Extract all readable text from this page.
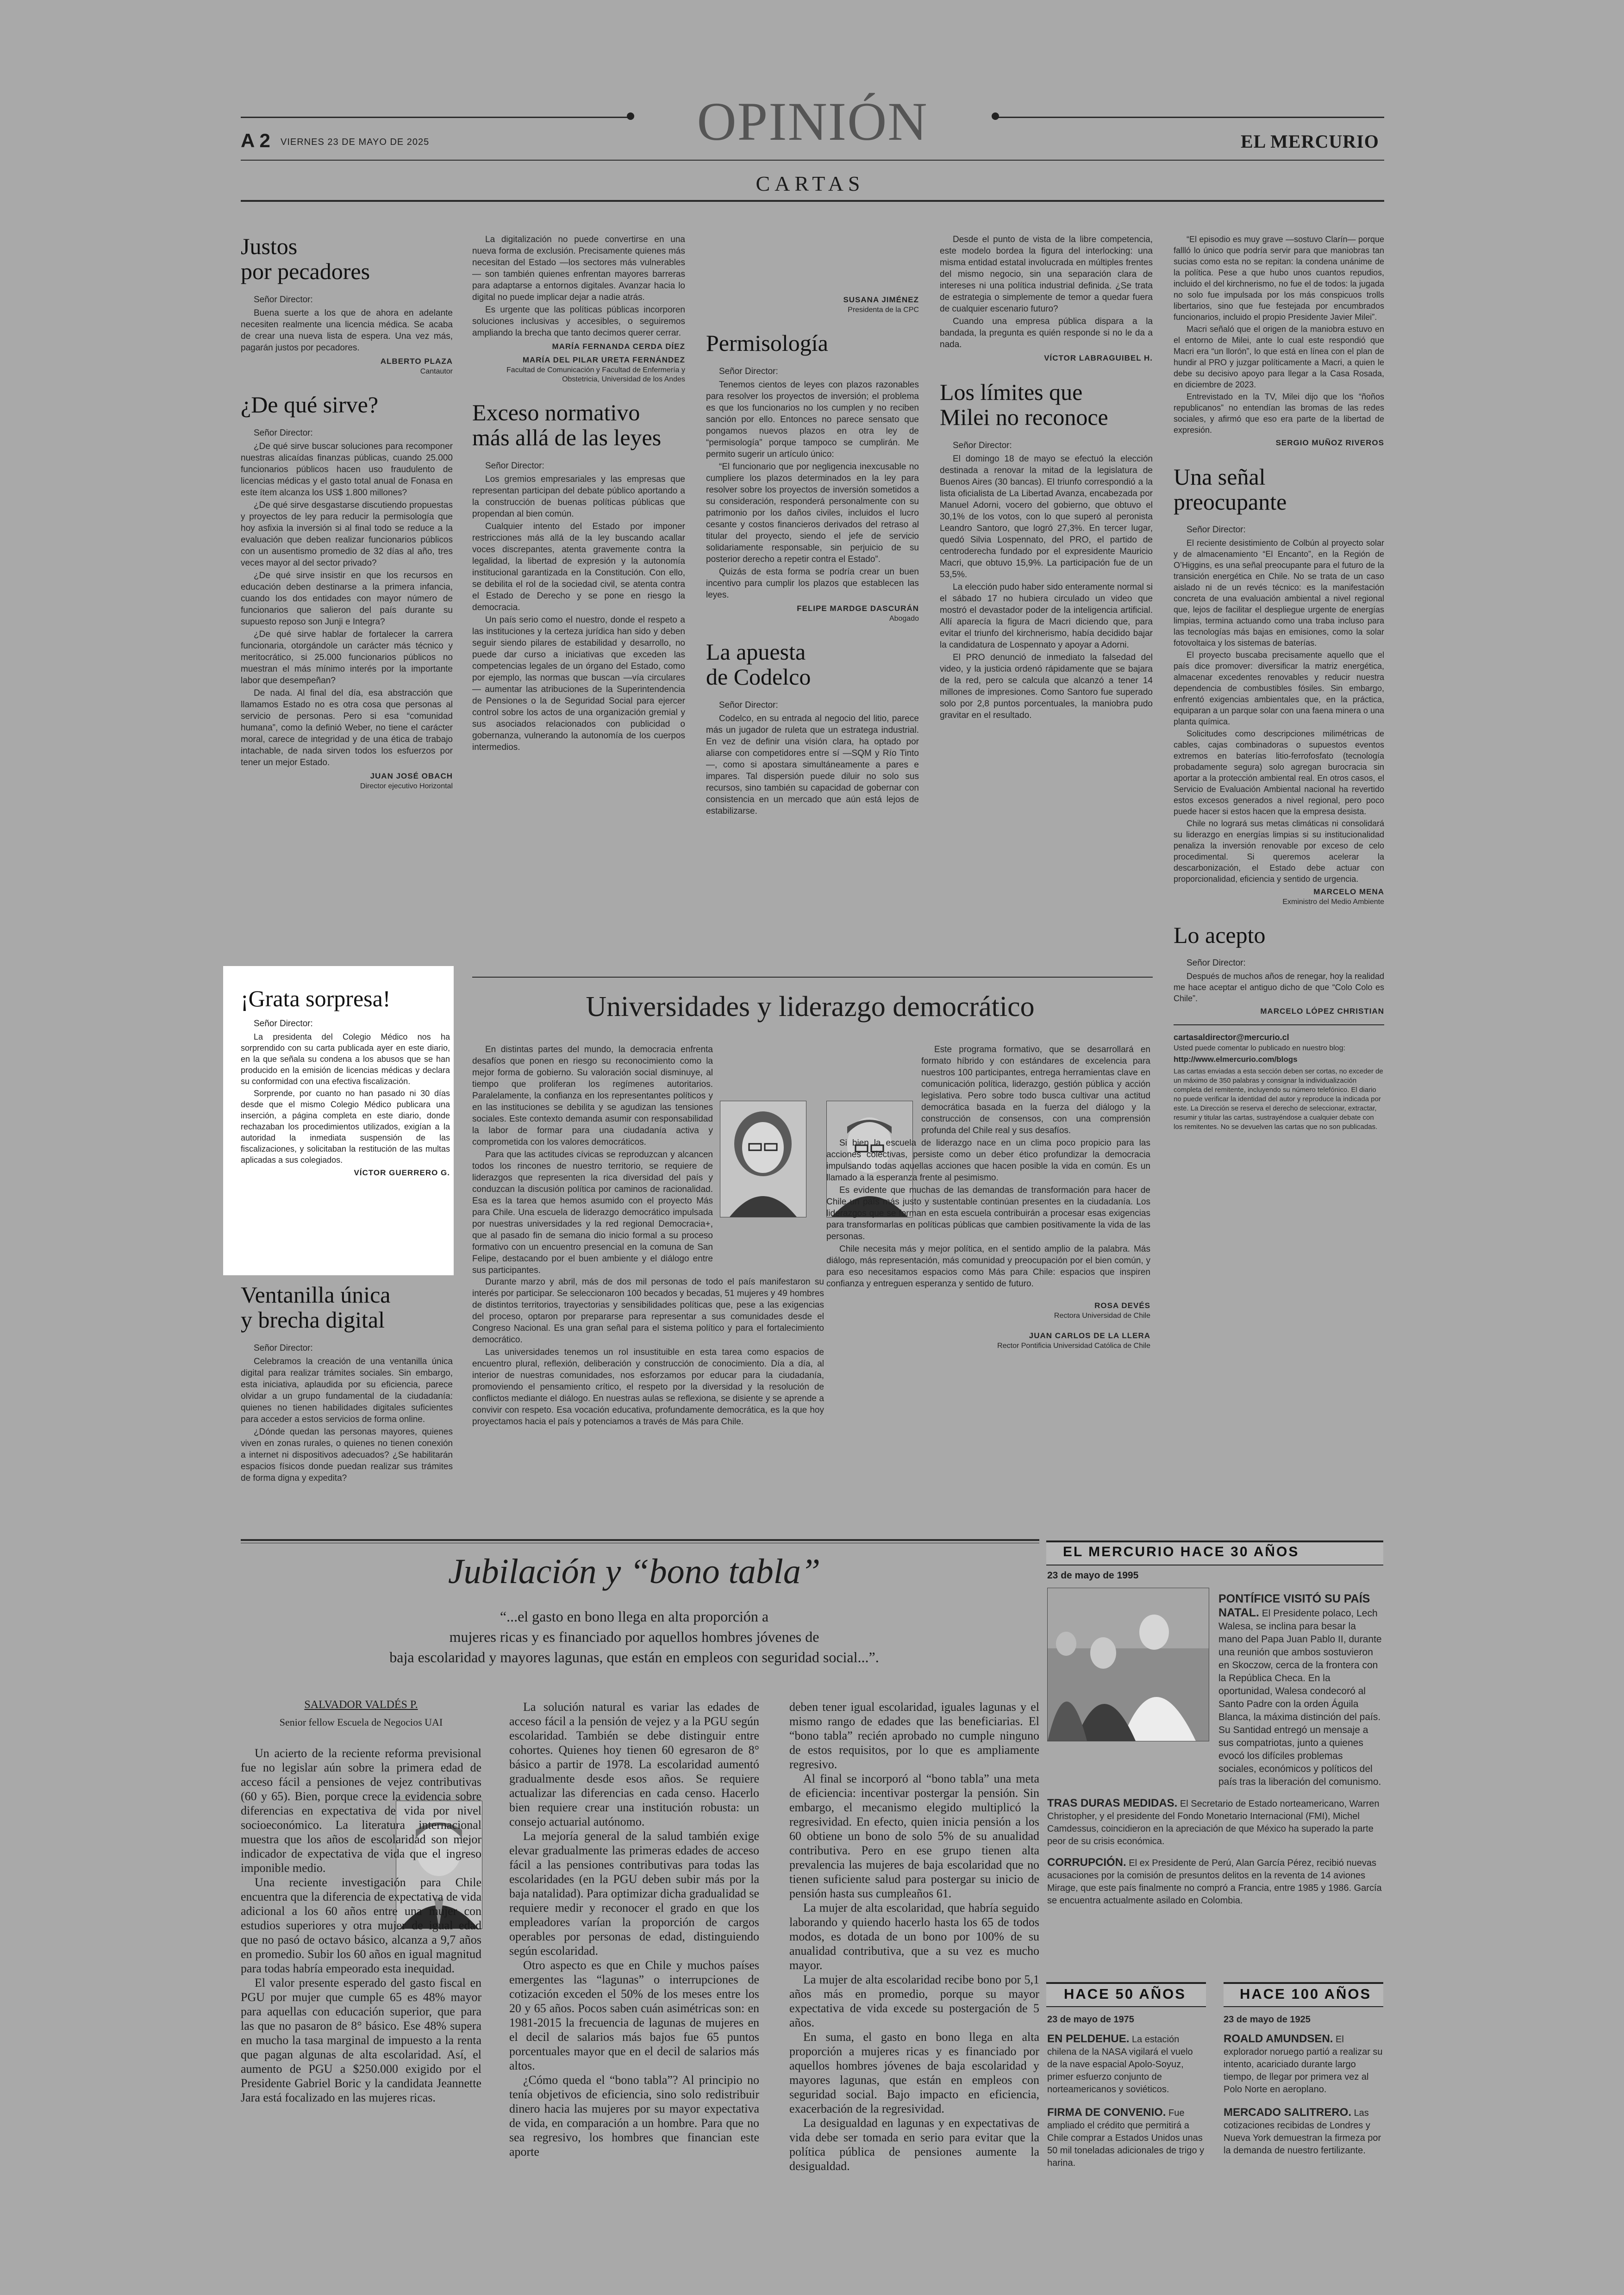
A 2 VIERNES 23 DE MAYO DE 2025	OPINIÓN	EL MERCURIO
CARTAS
Justos
por pecadores
Señor Director:

Buena suerte a los que de ahora en adelante necesiten realmente una licencia médica. Se acaba de crear una nueva lista de espera. Una vez más, pagarán justos por pecadores.

ALBERTO PLAZA
Cantautor
¿De qué sirve?
Señor Director:

¿De qué sirve buscar soluciones para recomponer nuestras alicaídas finanzas públicas, cuando 25.000 funcionarios públicos hacen uso fraudulento de licencias médicas y el gasto total anual de Fonasa en este ítem alcanza los US$ 1.800 millones?

¿De qué sirve desgastarse discutiendo propuestas y proyectos de ley para reducir la permisología que hoy asfixia la inversión si al final todo se reduce a la evaluación que deben realizar funcionarios públicos con un ausentismo promedio de 32 días al año, tres veces mayor al del sector privado?

¿De qué sirve insistir en que los recursos en educación deben destinarse a la primera infancia, cuando los dos entidades con mayor número de funcionarios que salieron del país durante su supuesto reposo son Junji e Integra?

¿De qué sirve hablar de fortalecer la carrera funcionaria, otorgándole un carácter más técnico y meritocrático, si 25.000 funcionarios públicos no muestran el más mínimo interés por la importante labor que desempeñan?

De nada. Al final del día, esa abstracción que llamamos Estado no es otra cosa que personas al servicio de personas. Pero si esa “comunidad humana”, como la definió Weber, no tiene el carácter moral, carece de integridad y de una ética de trabajo intachable, de nada sirven todos los esfuerzos por tener un mejor Estado.

JUAN JOSÉ OBACH
Director ejecutivo Horizontal
¡Grata sorpresa!
Señor Director:

La presidenta del Colegio Médico nos ha sorprendido con su carta publicada ayer en este diario, en la que señala su condena a los abusos que se han producido en la emisión de licencias médicas y declara su conformidad con una efectiva fiscalización.

Sorprende, por cuanto no han pasado ni 30 días desde que el mismo Colegio Médico publicara una inserción, a página completa en este diario, donde rechazaban los procedimientos utilizados, exigían a la autoridad la inmediata suspensión de las fiscalizaciones, y solicitaban la restitución de las multas aplicadas a sus colegiados.

VÍCTOR GUERRERO G.
Ventanilla única
y brecha digital
Señor Director:

Celebramos la creación de una ventanilla única digital para realizar trámites sociales. Sin embargo, esta iniciativa, aplaudida por su eficiencia, parece olvidar a un grupo fundamental de la ciudadanía: quienes no tienen habilidades digitales suficientes para acceder a estos servicios de forma online.

¿Dónde quedan las personas mayores, quienes viven en zonas rurales, o quienes no tienen conexión a internet ni dispositivos adecuados? ¿Se habilitarán espacios físicos donde puedan realizar sus trámites de forma digna y expedita?

La digitalización no puede convertirse en una nueva forma de exclusión. Precisamente quienes más necesitan del Estado —los sectores más vulnerables— son también quienes enfrentan mayores barreras para adaptarse a entornos digitales. Avanzar hacia lo digital no puede implicar dejar a nadie atrás.

Es urgente que las políticas públicas incorporen soluciones inclusivas y accesibles, o seguiremos ampliando la brecha que tanto decimos querer cerrar.

MARÍA FERNANDA CERDA DÍEZ
MARÍA DEL PILAR URETA FERNÁNDEZ
Facultad de Comunicación y Facultad de Enfermería y Obstetricia, Universidad de los Andes
Exceso normativo
más allá de las leyes
Señor Director:

Los gremios empresariales y las empresas que representan participan del debate público aportando a la construcción de buenas políticas públicas que propendan al bien común.

Cualquier intento del Estado por imponer restricciones más allá de la ley buscando acallar voces discrepantes, atenta gravemente contra la legalidad, la libertad de expresión y la autonomía institucional garantizada en la Constitución. Con ello, se debilita el rol de la sociedad civil, se atenta contra el Estado de Derecho y se pone en riesgo la democracia.

Un país serio como el nuestro, donde el respeto a las instituciones y la certeza jurídica han sido y deben seguir siendo pilares de estabilidad y desarrollo, no puede dar curso a iniciativas que exceden las competencias legales de un órgano del Estado, como por ejemplo, las normas que buscan —vía circulares— aumentar las atribuciones de la Superintendencia de Pensiones o la de Seguridad Social para ejercer control sobre los actos de una organización gremial y sus asociados relacionados con publicidad o gobernanza, vulnerando la autonomía de los cuerpos intermedios.

SUSANA JIMÉNEZ
Presidenta de la CPC
Permisología
Señor Director:

Tenemos cientos de leyes con plazos razonables para resolver los proyectos de inversión; el problema es que los funcionarios no los cumplen y no reciben sanción por ello. Entonces no parece sensato que pongamos nuevos plazos en otra ley de “permisología” porque tampoco se cumplirán. Me permito sugerir un artículo único:

“El funcionario que por negligencia inexcusable no cumpliere los plazos determinados en la ley para resolver sobre los proyectos de inversión sometidos a su consideración, responderá personalmente con su patrimonio por los daños civiles, incluidos el lucro cesante y costos financieros derivados del retraso al titular del proyecto, siendo el jefe de servicio solidariamente responsable, sin perjuicio de su posterior derecho a repetir contra el Estado”.

Quizás de esta forma se podría crear un buen incentivo para cumplir los plazos que establecen las leyes.

FELIPE MARDGE DASCURÁN
Abogado
La apuesta
de Codelco
Señor Director:

Codelco, en su entrada al negocio del litio, parece más un jugador de ruleta que un estratega industrial. En vez de definir una visión clara, ha optado por aliarse con competidores entre sí —SQM y Río Tinto—, como si apostara simultáneamente a pares e impares. Tal dispersión puede diluir no solo sus recursos, sino también su capacidad de gobernar con consistencia en un mercado que aún está lejos de estabilizarse.

Desde el punto de vista de la libre competencia, este modelo bordea la figura del interlocking: una misma entidad estatal involucrada en múltiples frentes del mismo negocio, sin una separación clara de intereses ni una política industrial definida. ¿Se trata de estrategia o simplemente de temor a quedar fuera de cualquier escenario futuro?

Cuando una empresa pública dispara a la bandada, la pregunta es quién responde si no le da a nada.

VÍCTOR LABRAGUIBEL H.
Los límites que
Milei no reconoce
Señor Director:

El domingo 18 de mayo se efectuó la elección destinada a renovar la mitad de la legislatura de Buenos Aires (30 bancas). El triunfo correspondió a la lista oficialista de La Libertad Avanza, encabezada por Manuel Adorni, vocero del gobierno, que obtuvo el 30,1% de los votos, con lo que superó al peronista Leandro Santoro, que logró 27,3%. En tercer lugar, quedó Silvia Lospennato, del PRO, el partido de centroderecha fundado por el expresidente Mauricio Macri, que obtuvo 15,9%. La participación fue de un 53,5%.

La elección pudo haber sido enteramente normal si el sábado 17 no hubiera circulado un video que mostró el devastador poder de la inteligencia artificial. Allí aparecía la figura de Macri diciendo que, para evitar el triunfo del kirchnerismo, había decidido bajar la candidatura de Lospennato y apoyar a Adorni.

El PRO denunció de inmediato la falsedad del video, y la justicia ordenó rápidamente que se bajara de la red, pero se calcula que alcanzó a tener 14 millones de impresiones. Como Santoro fue superado solo por 2,8 puntos porcentuales, la maniobra pudo gravitar en el resultado.

“El episodio es muy grave —sostuvo Clarín— porque fallló lo único que podría servir para que maniobras tan sucias como esta no se repitan: la condena unánime de la política. Pese a que hubo unos cuantos repudios, incluido el del kirchnerismo, no fue el de todos: la jugada no solo fue impulsada por los más conspicuos trolls libertarios, sino que fue festejada por encumbrados funcionarios, incluido el propio Presidente Javier Milei”.

Macri señaló que el origen de la maniobra estuvo en el entorno de Milei, ante lo cual este respondió que Macri era “un llorón”, lo que está en línea con el plan de hundir al PRO y juzgar políticamente a Macri, a quien le debe su decisivo apoyo para llegar a la Casa Rosada, en diciembre de 2023.

Entrevistado en la TV, Milei dijo que los “ñoños republicanos” no entendían las bromas de las redes sociales, y afirmó que eso era parte de la libertad de expresión.

SERGIO MUÑOZ RIVEROS
Una señal
preocupante
Señor Director:

El reciente desistimiento de Colbún al proyecto solar y de almacenamiento “El Encanto”, en la Región de O’Higgins, es una señal preocupante para el futuro de la transición energética en Chile. No se trata de un caso aislado ni de un revés técnico: es la manifestación concreta de una evaluación ambiental a nivel regional que, lejos de facilitar el despliegue urgente de energías limpias, termina actuando como una traba incluso para las tecnologías más bajas en emisiones, como la solar fotovoltaica y los sistemas de baterías.

El proyecto buscaba precisamente aquello que el país dice promover: diversificar la matriz energética, almacenar excedentes renovables y reducir nuestra dependencia de combustibles fósiles. Sin embargo, enfrentó exigencias ambientales que, en la práctica, equiparan a un parque solar con una faena minera o una planta química.

Solicitudes como descripciones milimétricas de cables, cajas combinadoras o supuestos eventos extremos en baterías litio-ferrofosfato (tecnología probadamente segura) solo agregan burocracia sin aportar a la protección ambiental real. En otros casos, el Servicio de Evaluación Ambiental nacional ha revertido estos excesos generados a nivel regional, pero poco puede hacer si estos hacen que la empresa desista.

Chile no logrará sus metas climáticas ni consolidará su liderazgo en energías limpias si su institucionalidad penaliza la inversión renovable por exceso de celo procedimental. Si queremos acelerar la descarbonización, el Estado debe actuar con proporcionalidad, eficiencia y sentido de urgencia.

MARCELO MENA
Exministro del Medio Ambiente
Lo acepto
Señor Director:

Después de muchos años de renegar, hoy la realidad me hace aceptar el antiguo dicho de que “Colo Colo es Chile”.

MARCELO LÓPEZ CHRISTIAN
cartasaldirector@mercurio.cl
Usted puede comentar lo publicado en nuestro blog:
http://www.elmercurio.com/blogs
Las cartas enviadas a esta sección deben ser cortas, no exceder de un máximo de 350 palabras y consignar la individualización completa del remitente, incluyendo su número telefónico. El diario no puede verificar la identidad del autor y reproduce la indicada por este. La Dirección se reserva el derecho de seleccionar, extractar, resumir y titular las cartas, sustrayéndose a cualquier debate con los remitentes. No se devuelven las cartas que no son publicadas.
Universidades y liderazgo democrático

En distintas partes del mundo, la democracia enfrenta desafíos que ponen en riesgo su reconocimiento como la mejor forma de gobierno. Su valoración social disminuye, al tiempo que proliferan los regímenes autoritarios. Paralelamente, la confianza en los representantes políticos y en las instituciones se debilita y se agudizan las tensiones sociales. Este contexto demanda asumir con responsabilidad la labor de formar para una ciudadanía activa y comprometida con los valores democráticos.

Para que las actitudes cívicas se reproduzcan y alcancen todos los rincones de nuestro territorio, se requiere de liderazgos que representen la rica diversidad del país y conduzcan la discusión política por caminos de racionalidad. Esa es la tarea que hemos asumido con el proyecto Más para Chile. Una escuela de liderazgo democrático impulsada por nuestras universidades y la red regional Democracia+, que al pasado fin de semana dio inicio formal a su proceso formativo con un encuentro presencial en la comuna de San Felipe, destacando por el buen ambiente y el diálogo entre sus participantes.

Durante marzo y abril, más de dos mil personas de todo el país manifestaron su interés por participar. Se seleccionaron 100 becados y becadas, 51 mujeres y 49 hombres de distintos territorios, trayectorias y sensibilidades políticas que, pese a las exigencias del proceso, optaron por prepararse para representar a sus comunidades desde el Congreso Nacional. Es una gran señal para el sistema político y para el fortalecimiento democrático.

Las universidades tenemos un rol insustituible en esta tarea como espacios de encuentro plural, reflexión, deliberación y construcción de conocimiento. Día a día, al interior de nuestras comunidades, nos esforzamos por educar para la ciudadanía, promoviendo el pensamiento crítico, el respeto por la diversidad y la resolución de conflictos mediante el diálogo. En nuestras aulas se reflexiona, se disiente y se aprende a convivir con respeto. Esa vocación educativa, profundamente democrática, es la que hoy proyectamos hacia el país y potenciamos a través de Más para Chile.

Este programa formativo, que se desarrollará en formato híbrido y con estándares de excelencia para nuestros 100 participantes, entrega herramientas clave en comunicación política, liderazgo, gestión pública y acción legislativa. Pero sobre todo busca cultivar una actitud democrática basada en la fuerza del diálogo y la construcción de consensos, con una comprensión profunda del Chile real y sus desafíos.

Si bien la escuela de liderazgo nace en un clima poco propicio para las acciones colectivas, persiste como un deber ético profundizar la democracia impulsando todas aquellas acciones que hacen posible la vida en común. Es un llamado a la esperanza frente al pesimismo.

Es evidente que muchas de las demandas de transformación para hacer de Chile un país más justo y sustentable continúan presentes en la ciudadanía. Los liderazgos que se forman en esta escuela contribuirán a procesar esas exigencias para transformarlas en políticas públicas que cambien positivamente la vida de las personas.

Chile necesita más y mejor política, en el sentido amplio de la palabra. Más diálogo, más representación, más comunidad y preocupación por el bien común, y para eso necesitamos espacios como Más para Chile: espacios que inspiren confianza y entreguen esperanza y sentido de futuro.

ROSA DEVÉS
Rectora Universidad de Chile
JUAN CARLOS DE LA LLERA
Rector Pontificia Universidad Católica de Chile
Jubilación y “bono tabla”
“...el gasto en bono llega en alta proporción a
mujeres ricas y es financiado por aquellos hombres jóvenes de
baja escolaridad y mayores lagunas, que están en empleos con seguridad social...”.
SALVADOR VALDÉS P.
Senior fellow Escuela de Negocios UAI

Un acierto de la reciente reforma previsional fue no legislar aún sobre la primera edad de acceso fácil a pensiones de vejez contributivas (60 y 65). Bien, porque crece la evidencia sobre diferencias en expectativa de vida por nivel socioeconómico. La literatura internacional muestra que los años de escolaridad son mejor indicador de expectativa de vida que el ingreso imponible medio.

Una reciente investigación para Chile encuentra que la diferencia de expectativa de vida adicional a los 60 años entre una mujer con estudios superiores y otra mujer de igual edad que no pasó de octavo básico, alcanza a 9,7 años en promedio. Subir los 60 años en igual magnitud para todas habría empeorado esta inequidad.

El valor presente esperado del gasto fiscal en PGU por mujer que cumple 65 es 48% mayor para aquellas con educación superior, que para las que no pasaron de 8° básico. Ese 48% supera en mucho la tasa marginal de impuesto a la renta que pagan algunas de alta escolaridad. Así, el aumento de PGU a $250.000 exigido por el Presidente Gabriel Boric y la candidata Jeannette Jara está focalizado en las mujeres ricas.

La solución natural es variar las edades de acceso fácil a la pensión de vejez y a la PGU según escolaridad. También se debe distinguir entre cohortes. Quienes hoy tienen 60 egresaron de 8° básico a partir de 1978. La escolaridad aumentó gradualmente desde esos años. Se requiere actualizar las diferencias en cada censo. Hacerlo bien requiere crear una institución robusta: un consejo actuarial autónomo.

La mejoría general de la salud también exige elevar gradualmente las primeras edades de acceso fácil a las pensiones contributivas para todas las escolaridades (en la PGU deben subir más por la baja natalidad). Para optimizar dicha gradualidad se requiere medir y reconocer el grado en que los empleadores varían la proporción de cargos operables por personas de edad, distinguiendo según escolaridad.

Otro aspecto es que en Chile y muchos países emergentes las “lagunas” o interrupciones de cotización exceden el 50% de los meses entre los 20 y 65 años. Pocos saben cuán asimétricas son: en 1981-2015 la frecuencia de lagunas de mujeres en el decil de salarios más bajos fue 65 puntos porcentuales mayor que en el decil de salarios más altos.

¿Cómo queda el “bono tabla”? Al principio no tenía objetivos de eficiencia, sino solo redistribuir dinero hacia las mujeres por su mayor expectativa de vida, en comparación a un hombre. Para que no sea regresivo, los hombres que financian este aporte

deben tener igual escolaridad, iguales lagunas y el mismo rango de edades que las beneficiarias. El “bono tabla” recién aprobado no cumple ninguno de estos requisitos, por lo que es ampliamente regresivo.

Al final se incorporó al “bono tabla” una meta de eficiencia: incentivar postergar la pensión. Sin embargo, el mecanismo elegido multiplicó la regresividad. En efecto, quien inicia pensión a los 60 obtiene un bono de solo 5% de su anualidad contributiva. Pero en ese grupo tienen alta prevalencia las mujeres de baja escolaridad que no tienen suficiente salud para postergar su inicio de pensión hasta sus cumpleaños 61.

La mujer de alta escolaridad, que habría seguido laborando y quiendo hacerlo hasta los 65 de todos modos, es dotada de un bono por 100% de su anualidad contributiva, que a su vez es mucho mayor.

La mujer de alta escolaridad recibe bono por 5,1 años más en promedio, porque su mayor expectativa de vida excede su postergación de 5 años.

En suma, el gasto en bono llega en alta proporción a mujeres ricas y es financiado por aquellos hombres jóvenes de baja escolaridad y mayores lagunas, que están en empleos con seguridad social. Bajo impacto en eficiencia, exacerbación de la regresividad.

La desigualdad en lagunas y en expectativas de vida debe ser tomada en serio para evitar que la política pública de pensiones aumente la desigualdad.

EL MERCURIO HACE 30 AÑOS
23 de mayo de 1995
PONTÍFICE VISITÓ SU PAÍS NATAL. El Presidente polaco, Lech Walesa, se inclina para besar la mano del Papa Juan Pablo II, durante una reunión que ambos sostuvieron en Skoczow, cerca de la frontera con la República Checa. En la oportunidad, Walesa condecoró al Santo Padre con la orden Águila Blanca, la máxima distinción del país. Su Santidad entregó un mensaje a sus compatriotas, junto a quienes evocó los difíciles problemas sociales, económicos y políticos del país tras la liberación del comunismo.
TRAS DURAS MEDIDAS. El Secretario de Estado norteamericano, Warren Christopher, y el presidente del Fondo Monetario Internacional (FMI), Michel Camdessus, coincidieron en la apreciación de que México ha superado la parte peor de su crisis económica.
CORRUPCIÓN. El ex Presidente de Perú, Alan García Pérez, recibió nuevas acusaciones por la comisión de presuntos delitos en la reventa de 14 aviones Mirage, que este país finalmente no compró a Francia, entre 1985 y 1986. García se encuentra actualmente asilado en Colombia.
HACE 50 AÑOS	HACE 100 AÑOS
23 de mayo de 1975
EN PELDEHUE. La estación chilena de la NASA vigilará el vuelo de la nave espacial Apolo-Soyuz, primer esfuerzo conjunto de norteamericanos y soviéticos.
FIRMA DE CONVENIO. Fue ampliado el crédito que permitirá a Chile comprar a Estados Unidos unas 50 mil toneladas adicionales de trigo y harina.
23 de mayo de 1925
ROALD AMUNDSEN. El explorador noruego partió a realizar su intento, acariciado durante largo tiempo, de llegar por primera vez al Polo Norte en aeroplano.
MERCADO SALITRERO. Las cotizaciones recibidas de Londres y Nueva York demuestran la firmeza por la demanda de nuestro fertilizante.
